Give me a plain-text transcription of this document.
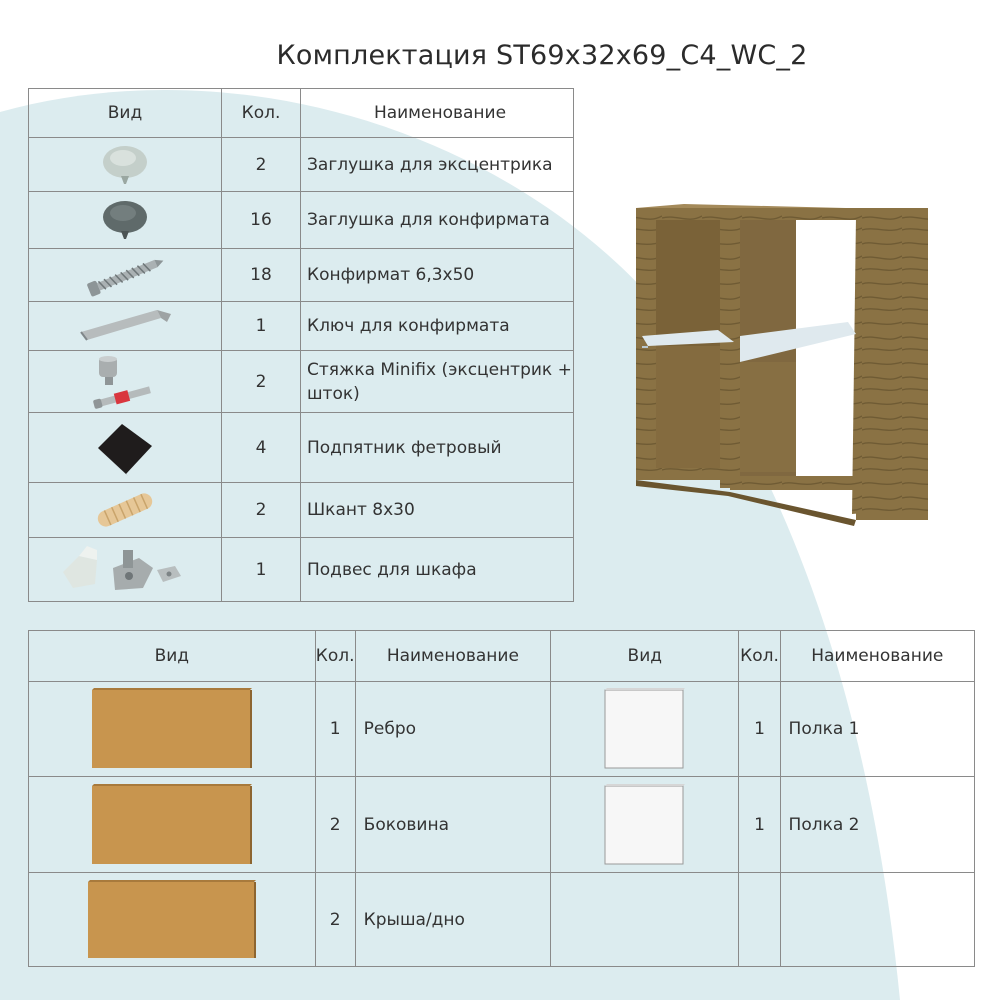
Комплектация ST69x32x69_C4_WC_2
Вид	Кол.	Наименование

	2	Заглушка для эксцентрика

	16	Заглушка для конфирмата

	18	Конфирмат 6,3х50

	1	Ключ для конфирмата

	2	Стяжка Minifix (эксцентрик + шток)

	4	Подпятник фетровый

	2	Шкант 8х30

	1	Подвес для шкафа
Вид	Кол.	Наименование	Вид	Кол.	Наименование

	1	Ребро		1	Полка 1

	2	Боковина		1	Полка 2

	2	Крыша/дно			
